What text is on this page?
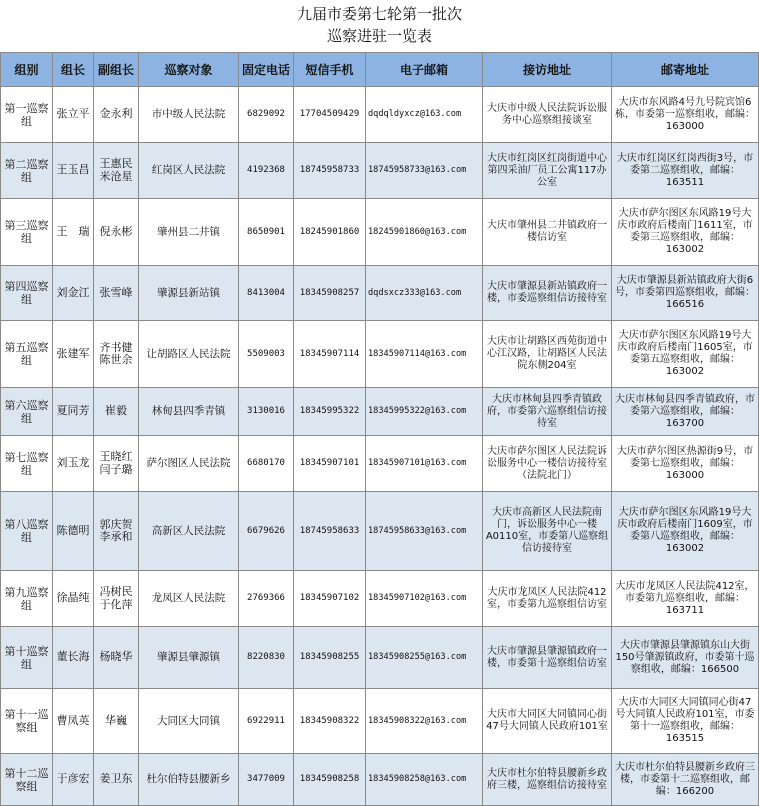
九届市委第七轮第一批次
巡察进驻一览表
组别	组长	副组长	巡察对象	固定电话	短信手机	电子邮箱	接访地址	邮寄地址
第一巡察组	张立平	金永利	市中级人民法院	6829092	17704509429	dqdqldyxcz@163.com	大庆市中级人民法院诉讼服务中心巡察组接谈室	大庆市东风路4号九号院宾馆6栋，市委第一巡察组收，邮编：163000
第二巡察组	王玉昌	王惠民米沧星	红岗区人民法院	4192368	18745958733	18745958733@163.com	大庆市红岗区红岗街道中心第四采油厂员工公寓117办公室	大庆市红岗区红岗西街3号，市委第二巡察组收，邮编：163511
第三巡察组	王　瑞	倪永彬	肇州县二井镇	8650901	18245901860	18245901860@163.com	大庆市肇州县二井镇政府一楼信访室	大庆市萨尔图区东风路19号大庆市政府后楼南门1611室，市委第三巡察组收，邮编：163002
第四巡察组	刘金江	张雪峰	肇源县新站镇	8413004	18345908257	dqdsxcz333@163.com	大庆市肇源县新站镇政府一楼，市委巡察组信访接待室	大庆市肇源县新站镇政府大街6号，市委第四巡察组收，邮编：166516
第五巡察组	张建军	齐书健陈世余	让胡路区人民法院	5509003	18345907114	18345907114@163.com	大庆市让胡路区西苑街道中心江汉路，让胡路区人民法院东侧204室	大庆市萨尔图区东风路19号大庆市政府后楼南门1605室，市委第五巡察组收，邮编：163002
第六巡察组	夏同芳	崔毅	林甸县四季青镇	3130016	18345995322	18345995322@163.com	大庆市林甸县四季青镇政府，市委第六巡察组信访接待室	大庆市林甸县四季青镇政府，市委第六巡察组收，邮编：163700
第七巡察组	刘玉龙	王晓红闫子璐	萨尔图区人民法院	6680170	18345907101	18345907101@163.com	大庆市萨尔图区人民法院诉讼服务中心一楼信访接待室（法院北门）	大庆市萨尔图区热源街9号，市委第七巡察组收，邮编：163000
第八巡察组	陈德明	郭庆贺李承和	高新区人民法院	6679626	18745958633	18745958633@163.com	大庆市高新区人民法院南门，诉讼服务中心一楼A0110室，市委第八巡察组信访接待室	大庆市萨尔图区东风路19号大庆市政府后楼南门1609室，市委第八巡察组收，邮编：163002
第九巡察组	徐晶纯	冯树民于化萍	龙凤区人民法院	2769366	18345907102	18345907102@163.com	大庆市龙凤区人民法院412室，市委第九巡察组信访室	大庆市龙凤区人民法院412室，市委第九巡察组收，邮编：163711
第十巡察组	董长海	杨晓华	肇源县肇源镇	8220830	18345908255	18345908255@163.com	大庆市肇源县肇源镇政府一楼，市委第十巡察组信访室	大庆市肇源县肇源镇东山大街150号肇源镇政府，市委第十巡察组收，邮编：166500
第十一巡察组	曹凤英	华巍	大同区大同镇	6922911	18345908322	18345908322@163.com	大庆市大同区大同镇同心街47号大同镇人民政府101室	大庆市大同区大同镇同心街47号大同镇人民政府101室，市委第十一巡察组收，邮编：163515
第十二巡察组	于彦宏	姜卫东	杜尔伯特县腰新乡	3477009	18345908258	18345908258@163.com	大庆市杜尔伯特县腰新乡政府三楼，巡察组信访接待室	大庆市杜尔伯特县腰新乡政府三楼，市委第十二巡察组收，邮编：166200
